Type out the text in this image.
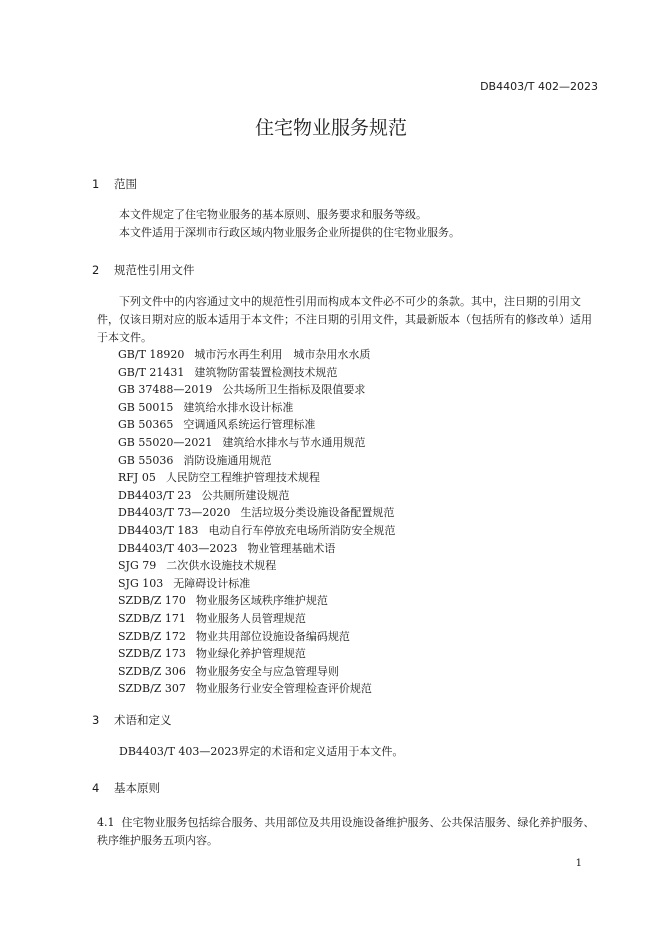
DB4403/T 402—2023
住宅物业服务规范
1 范围

本文件规定了住宅物业服务的基本原则、服务要求和服务等级。

本文件适用于深圳市行政区域内物业服务企业所提供的住宅物业服务。

2 规范性引用文件

下列文件中的内容通过文中的规范性引用而构成本文件必不可少的条款。其中，注日期的引用文件，仅该日期对应的版本适用于本文件；不注日期的引用文件，其最新版本（包括所有的修改单）适用于本文件。

GB/T 18920 城市污水再生利用　城市杂用水水质
GB/T 21431 建筑物防雷装置检测技术规范
GB 37488—2019 公共场所卫生指标及限值要求
GB 50015 建筑给水排水设计标准
GB 50365 空调通风系统运行管理标准
GB 55020—2021 建筑给水排水与节水通用规范
GB 55036 消防设施通用规范
RFJ 05 人民防空工程维护管理技术规程
DB4403/T 23 公共厕所建设规范
DB4403/T 73—2020 生活垃圾分类设施设备配置规范
DB4403/T 183 电动自行车停放充电场所消防安全规范
DB4403/T 403—2023 物业管理基础术语
SJG 79 二次供水设施技术规程
SJG 103 无障碍设计标准
SZDB/Z 170 物业服务区域秩序维护规范
SZDB/Z 171 物业服务人员管理规范
SZDB/Z 172 物业共用部位设施设备编码规范
SZDB/Z 173 物业绿化养护管理规范
SZDB/Z 306 物业服务安全与应急管理导则
SZDB/Z 307 物业服务行业安全管理检查评价规范
3 术语和定义

DB4403/T 403—2023界定的术语和定义适用于本文件。

4 基本原则
4.1 住宅物业服务包括综合服务、共用部位及共用设施设备维护服务、公共保洁服务、绿化养护服务、秩序维护服务五项内容。
1
